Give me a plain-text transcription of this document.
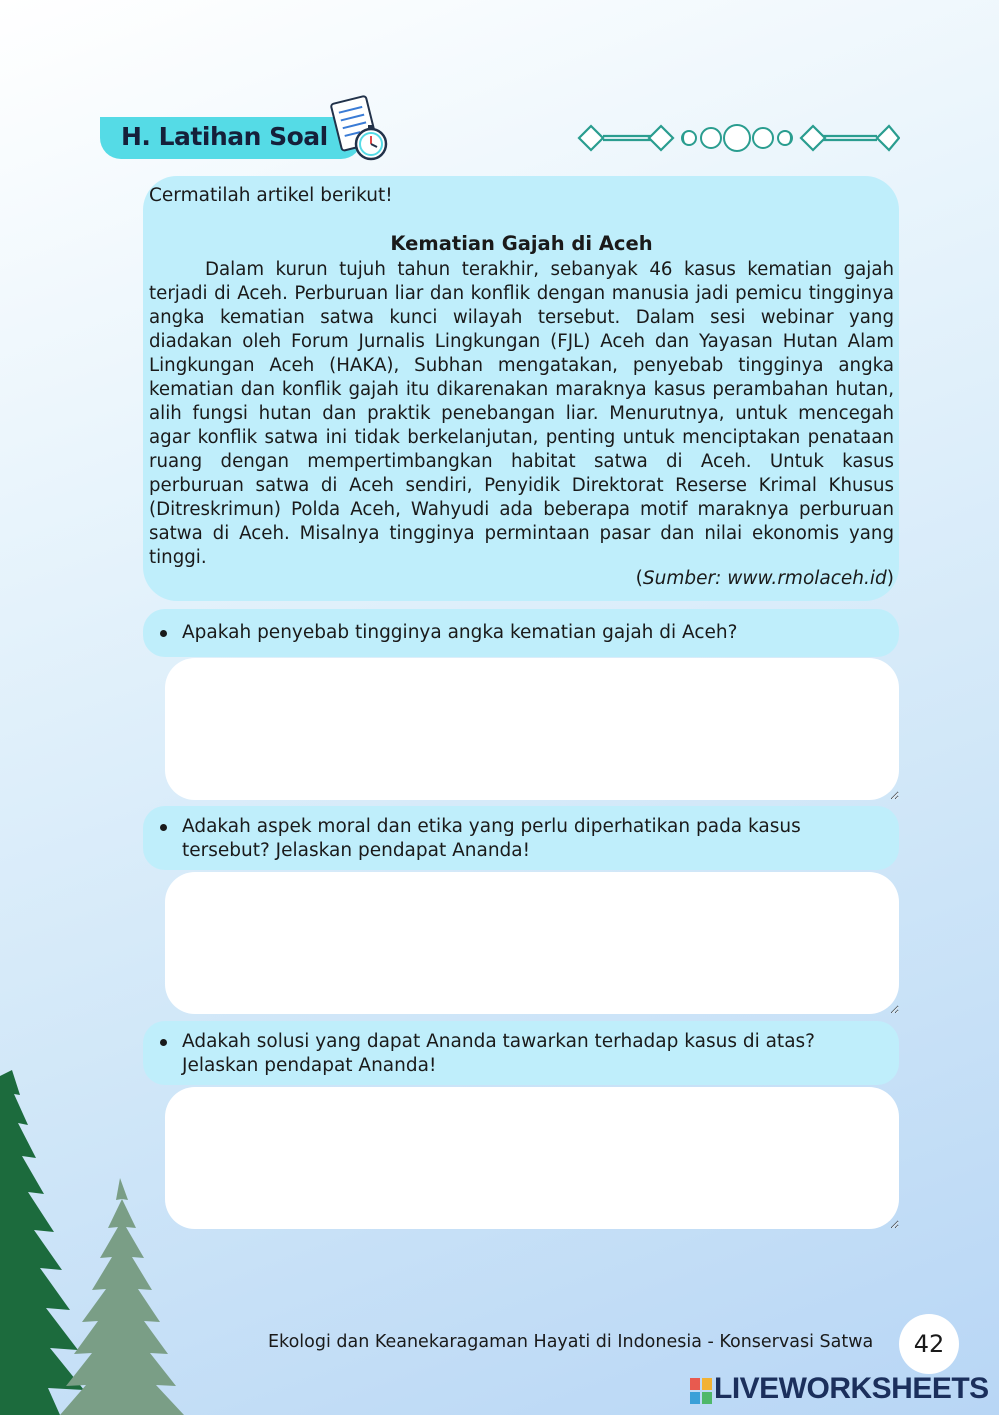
H. Latihan Soal
Cermatilah artikel berikut!
Kematian Gajah di Aceh

Dalam kurun tujuh tahun terakhir, sebanyak 46 kasus kematian gajah terjadi di Aceh. Perburuan liar dan konflik dengan manusia jadi pemicu tingginya angka kematian satwa kunci wilayah tersebut. Dalam sesi webinar yang diadakan oleh Forum Jurnalis Lingkungan (FJL) Aceh dan Yayasan Hutan Alam Lingkungan Aceh (HAKA), Subhan mengatakan, penyebab tingginya angka kematian dan konflik gajah itu dikarenakan maraknya kasus perambahan hutan, alih fungsi hutan dan praktik penebangan liar. Menurutnya, untuk mencegah agar konflik satwa ini tidak berkelanjutan, penting untuk menciptakan penataan ruang dengan mempertimbangkan habitat satwa di Aceh. Untuk kasus perburuan satwa di Aceh sendiri, Penyidik Direktorat Reserse Krimal Khusus (Ditreskrimun) Polda Aceh, Wahyudi ada beberapa motif maraknya perburuan satwa di Aceh. Misalnya tingginya permintaan pasar dan nilai ekonomis yang tinggi.

(Sumber: www.rmolaceh.id)
Apakah penyebab tingginya angka kematian gajah di Aceh?
Adakah aspek moral dan etika yang perlu diperhatikan pada kasus
tersebut? Jelaskan pendapat Ananda!
Adakah solusi yang dapat Ananda tawarkan terhadap kasus di atas?
Jelaskan pendapat Ananda!
Ekologi dan Keanekaragaman Hayati di Indonesia - Konservasi Satwa	42
LIVEWORKSHEETS
